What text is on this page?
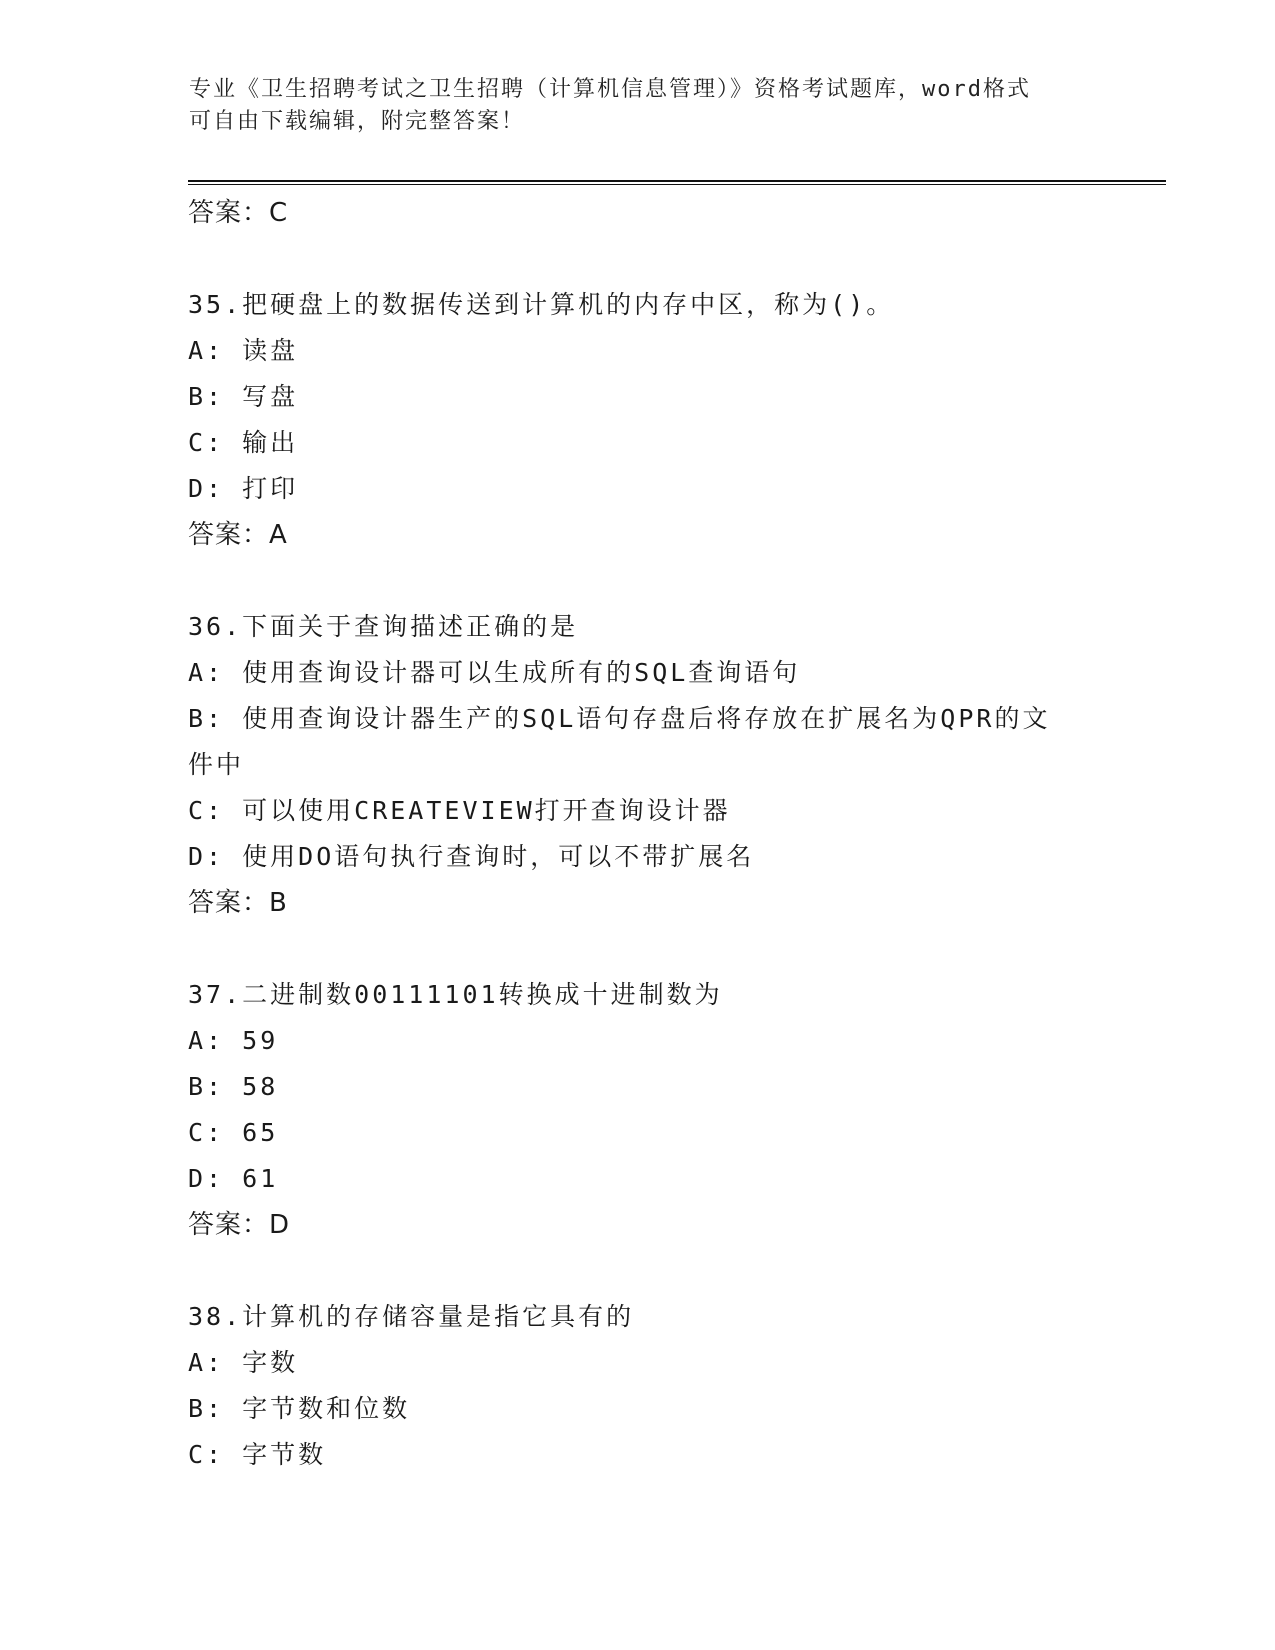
专业《卫生招聘考试之卫生招聘（计算机信息管理）》资格考试题库，word格式
可自由下载编辑，附完整答案！
答案：C
35.把硬盘上的数据传送到计算机的内存中区，称为()。
A: 读盘
B: 写盘
C: 输出
D: 打印
答案：A
36.下面关于查询描述正确的是
A: 使用查询设计器可以生成所有的SQL查询语句
B: 使用查询设计器生产的SQL语句存盘后将存放在扩展名为QPR的文
件中
C: 可以使用CREATEVIEW打开查询设计器
D: 使用DO语句执行查询时，可以不带扩展名
答案：B
37.二进制数00111101转换成十进制数为
A: 59
B: 58
C: 65
D: 61
答案：D
38.计算机的存储容量是指它具有的
A: 字数
B: 字节数和位数
C: 字节数
